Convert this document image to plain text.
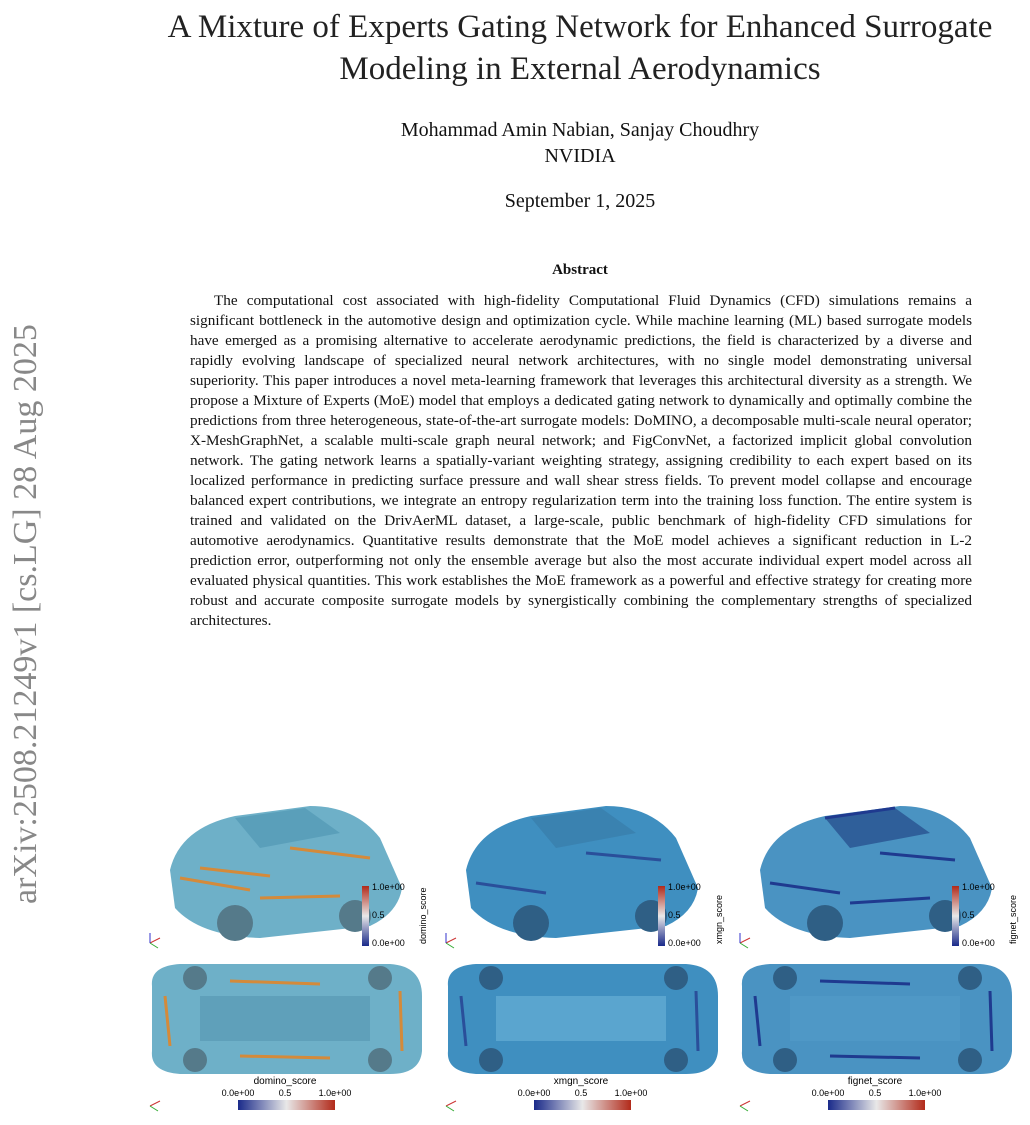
arXiv:2508.21249v1 [cs.LG] 28 Aug 2025
A Mixture of Experts Gating Network for Enhanced Surrogate
Modeling in External Aerodynamics
Mohammad Amin Nabian, Sanjay Choudhry
NVIDIA
September 1, 2025
Abstract

The computational cost associated with high-fidelity Computational Fluid Dynamics (CFD) simulations remains a significant bottleneck in the automotive design and optimization cycle. While machine learning (ML) based surrogate models have emerged as a promising alternative to accelerate aerodynamic predictions, the field is characterized by a diverse and rapidly evolving landscape of specialized neural network architectures, with no single model demonstrating universal superiority. This paper introduces a novel meta-learning framework that leverages this architectural diversity as a strength. We propose a Mixture of Experts (MoE) model that employs a dedicated gating network to dynamically and optimally combine the predictions from three heterogeneous, state-of-the-art surrogate models: DoMINO, a decomposable multi-scale neural operator; X-MeshGraphNet, a scalable multi-scale graph neural network; and FigConvNet, a factorized implicit global convolution network. The gating network learns a spatially-variant weighting strategy, assigning credibility to each expert based on its localized performance in predicting surface pressure and wall shear stress fields. To prevent model collapse and encourage balanced expert contributions, we integrate an entropy regularization term into the training loss function. The entire system is trained and validated on the DrivAerML dataset, a large-scale, public benchmark of high-fidelity CFD simulations for automotive aerodynamics. Quantitative results demonstrate that the MoE model achieves a significant reduction in L-2 prediction error, outperforming not only the ensemble average but also the most accurate individual expert model across all evaluated physical quantities. This work establishes the MoE framework as a powerful and effective strategy for creating more robust and accurate composite surrogate models by synergistically combining the complementary strengths of specialized architectures.

1.0e+00
0.5
0.0e+00 domino_score
1.0e+00
0.5
0.0e+00 xmgn_score
1.0e+00
0.5
0.0e+00 fignet_score
domino_score
0.0e+00	0.5	1.0e+00
xmgn_score
0.0e+00	0.5	1.0e+00
fignet_score
0.0e+00	0.5	1.0e+00
